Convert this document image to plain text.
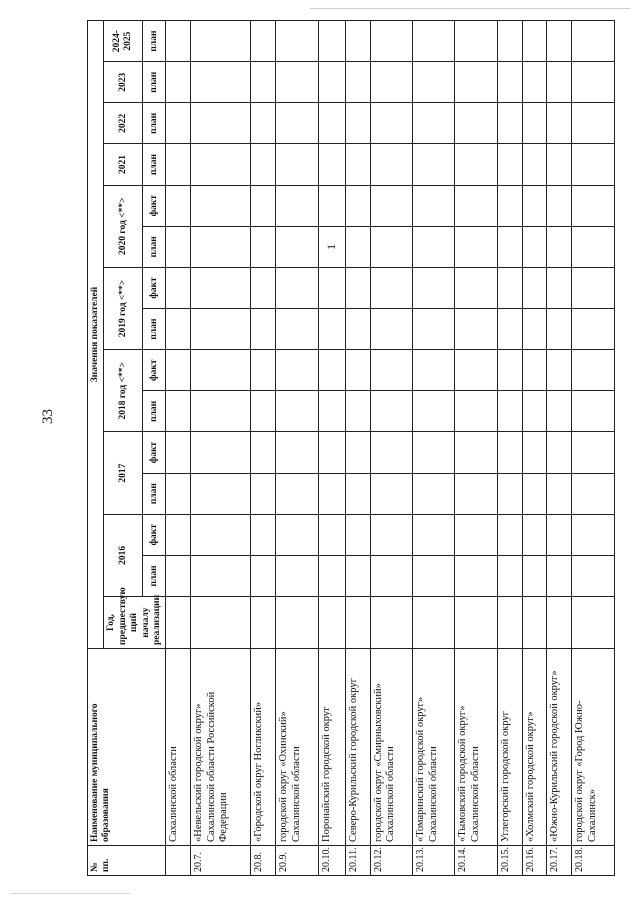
33
№ пп.	Наименование муниципального образования	Значения показателей														
		Год, предшествую щий началу реализации	2016		2017		2018 год <**>		2019 год <**>		2020 год <**>		2021	2022	2023	2024-2025
			план	факт	план	факт	план	факт	план	факт	план	факт	план	план	план	план
	Сахалинской области															
20.7.	«Невельский городской округ» Сахалинской области Российской Федерации															
20.8.	«Городской округ Ногликский»															
20.9.	городской округ «Охинский» Сахалинской области															
20.10.	Поронайский городской округ										1					
20.11.	Северо-Курильский городской округ															
20.12.	городской округ «Смирныховский» Сахалинской области															
20.13.	«Томаринский городской округ» Сахалинской области															
20.14.	«Тымовский городской округ» Сахалинской области															
20.15.	Углегорский городской округ															
20.16.	«Холмский городской округ»															
20.17.	«Южно-Курильский городской округ»															
20.18.	городской округ «Город Южно-Сахалинск»															
